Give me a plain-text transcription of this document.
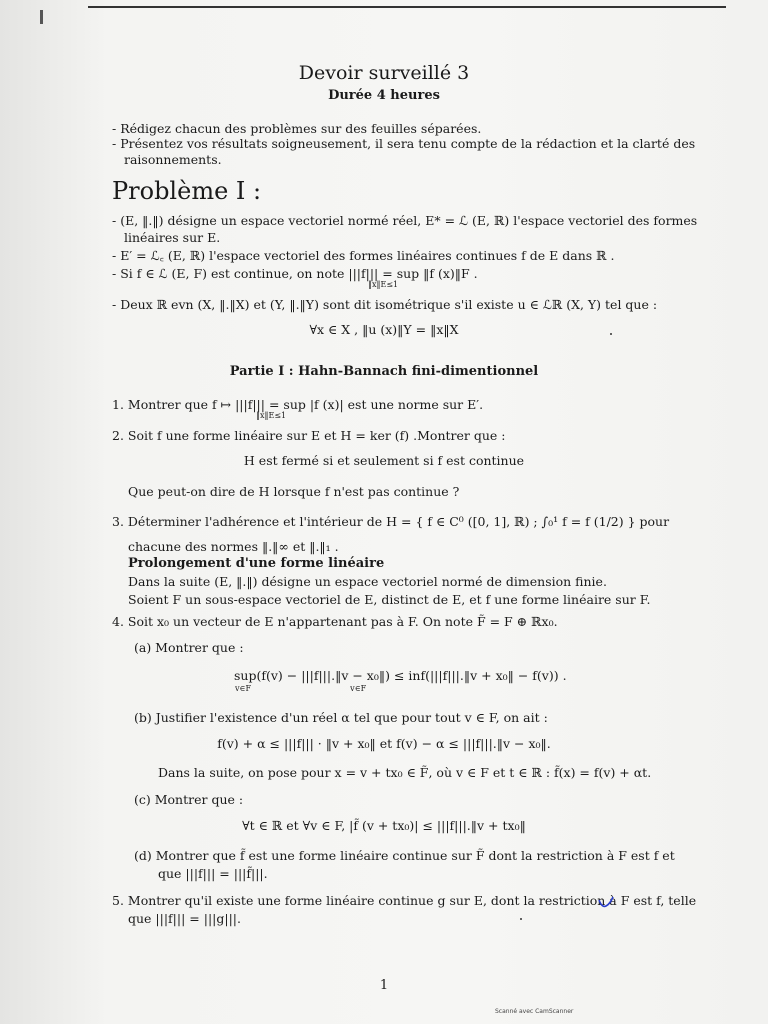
Devoir surveillé 3
Durée 4 heures
- Rédigez chacun des problèmes sur des feuilles séparées.
- Présentez vos résultats soigneusement, il sera tenu compte de la rédaction et la clarté des
raisonnements.
Problème I :
- (E, ‖.‖) désigne un espace vectoriel normé réel, E* = ℒ (E, ℝ) l'espace vectoriel des formes
linéaires sur E.
- E′ = ℒ꜀ (E, ℝ) l'espace vectoriel des formes linéaires continues f de E dans ℝ .
- Si f ∈ ℒ (E, F) est continue, on note |||f||| = sup ‖f (x)‖F .
‖x‖E≤1
- Deux ℝ evn (X, ‖.‖X) et (Y, ‖.‖Y) sont dit isométrique s'il existe u ∈ ℒℝ (X, Y) tel que :
∀x ∈ X , ‖u (x)‖Y = ‖x‖X
Partie I : Hahn-Bannach fini-dimentionnel
1. Montrer que f ↦ |||f||| = sup |f (x)| est une norme sur E′.
‖x‖E≤1
2. Soit f une forme linéaire sur E et H = ker (f) .Montrer que :
H est fermé si et seulement si f est continue
Que peut-on dire de H lorsque f n'est pas continue ?
3. Déterminer l'adhérence et l'intérieur de H = { f ∈ C⁰ ([0, 1], ℝ) ; ∫₀¹ f = f (1/2) } pour
chacune des normes ‖.‖∞ et ‖.‖₁ .
Prolongement d'une forme linéaire
Dans la suite (E, ‖.‖) désigne un espace vectoriel normé de dimension finie.
Soient F un sous-espace vectoriel de E, distinct de E, et f une forme linéaire sur F.
4. Soit x₀ un vecteur de E n'appartenant pas à F. On note F̃ = F ⊕ ℝx₀.
(a) Montrer que :
sup(f(v) − |||f|||.‖v − x₀‖) ≤ inf(|||f|||.‖v + x₀‖ − f(v)) .
v∈F                                       v∈F
(b) Justifier l'existence d'un réel α tel que pour tout v ∈ F, on ait :
f(v) + α ≤ |||f||| · ‖v + x₀‖ et f(v) − α ≤ |||f|||.‖v − x₀‖.
Dans la suite, on pose pour x = v + tx₀ ∈ F̃, où v ∈ F et t ∈ ℝ : f̃(x) = f(v) + αt.
(c) Montrer que :
∀t ∈ ℝ et ∀v ∈ F, |f̃ (v + tx₀)| ≤ |||f|||.‖v + tx₀‖
(d) Montrer que f̃ est une forme linéaire continue sur F̃ dont la restriction à F est f et
que |||f||| = |||f̃|||.
5. Montrer qu'il existe une forme linéaire continue g sur E, dont la restriction à F est f, telle
que |||f||| = |||g|||.
1
Scanné avec CamScanner
